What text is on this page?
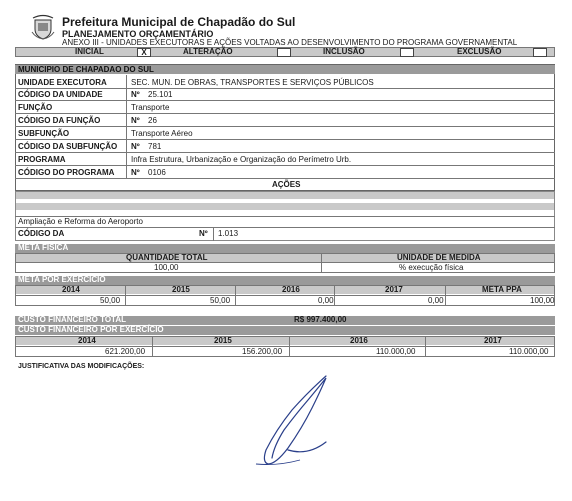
Prefeitura Municipal de Chapadão do Sul
PLANEJAMENTO ORÇAMENTÁRIO
ANEXO III - UNIDADES EXECUTORAS E AÇÕES VOLTADAS AO DESENVOLVIMENTO DO PROGRAMA GOVERNAMENTAL
INICIAL	X	ALTERAÇÃO	INCLUSÃO	EXCLUSÃO
MUNICIPIO DE CHAPADAO DO SUL
UNIDADE EXECUTORA	SEC. MUN. DE OBRAS, TRANSPORTES E SERVIÇOS PÚBLICOS
CÓDIGO DA UNIDADE	Nº 25.101
FUNÇÃO	Transporte
CÓDIGO DA FUNÇÃO	Nº 26
SUBFUNÇÃO	Transporte Aéreo
CÓDIGO DA SUBFUNÇÃO Nº 781
PROGRAMA	Infra Estrutura, Urbanização e Organização do Perímetro Urb.
CÓDIGO DO PROGRAMA Nº 0106
AÇÕES
Ampliação e Reforma do Aeroporto
CÓDIGO DA	Nº 1.013
META FÍSICA
QUANTIDADE TOTAL	UNIDADE DE MEDIDA
100,00	% execução física
META POR EXERCÍCIO
2014	2015	2016	2017	META PPA
50,00	50,00	0,00	0,00	100,00
CUSTO FINANCEIRO TOTAL	R$ 997.400,00
CUSTO FINANCEIRO POR EXERCÍCIO
2014	2015	2016	2017
621.200,00	156.200,00	110.000,00	110.000,00
JUSTIFICATIVA DAS MODIFICAÇÕES:
